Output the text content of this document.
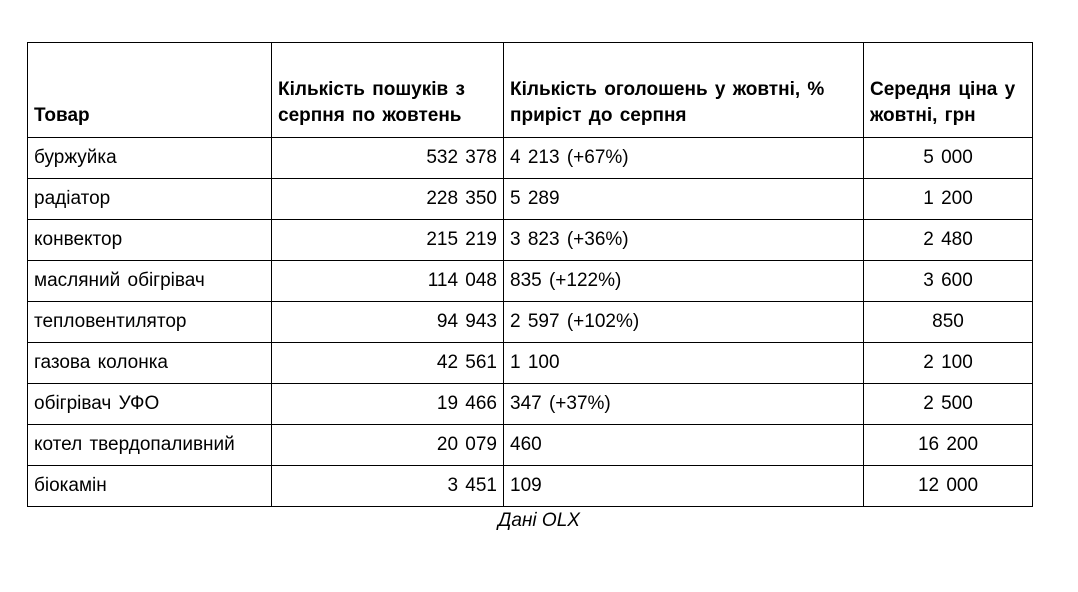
Товар	Кількість пошуків з серпня по жовтень	Кількість оголошень у жовтні, % приріст до серпня	Середня ціна у жовтні, грн
буржуйка	532 378	4 213 (+67%)	5 000
радіатор	228 350	5 289	1 200
конвектор	215 219	3 823 (+36%)	2 480
масляний обігрівач	114 048	835 (+122%)	3 600
тепловентилятор	94 943	2 597 (+102%)	850
газова колонка	42 561	1 100	2 100
обігрівач УФО	19 466	347 (+37%)	2 500
котел твердопаливний	20 079	460	16 200
біокамін	3 451	109	12 000
Дані OLX
